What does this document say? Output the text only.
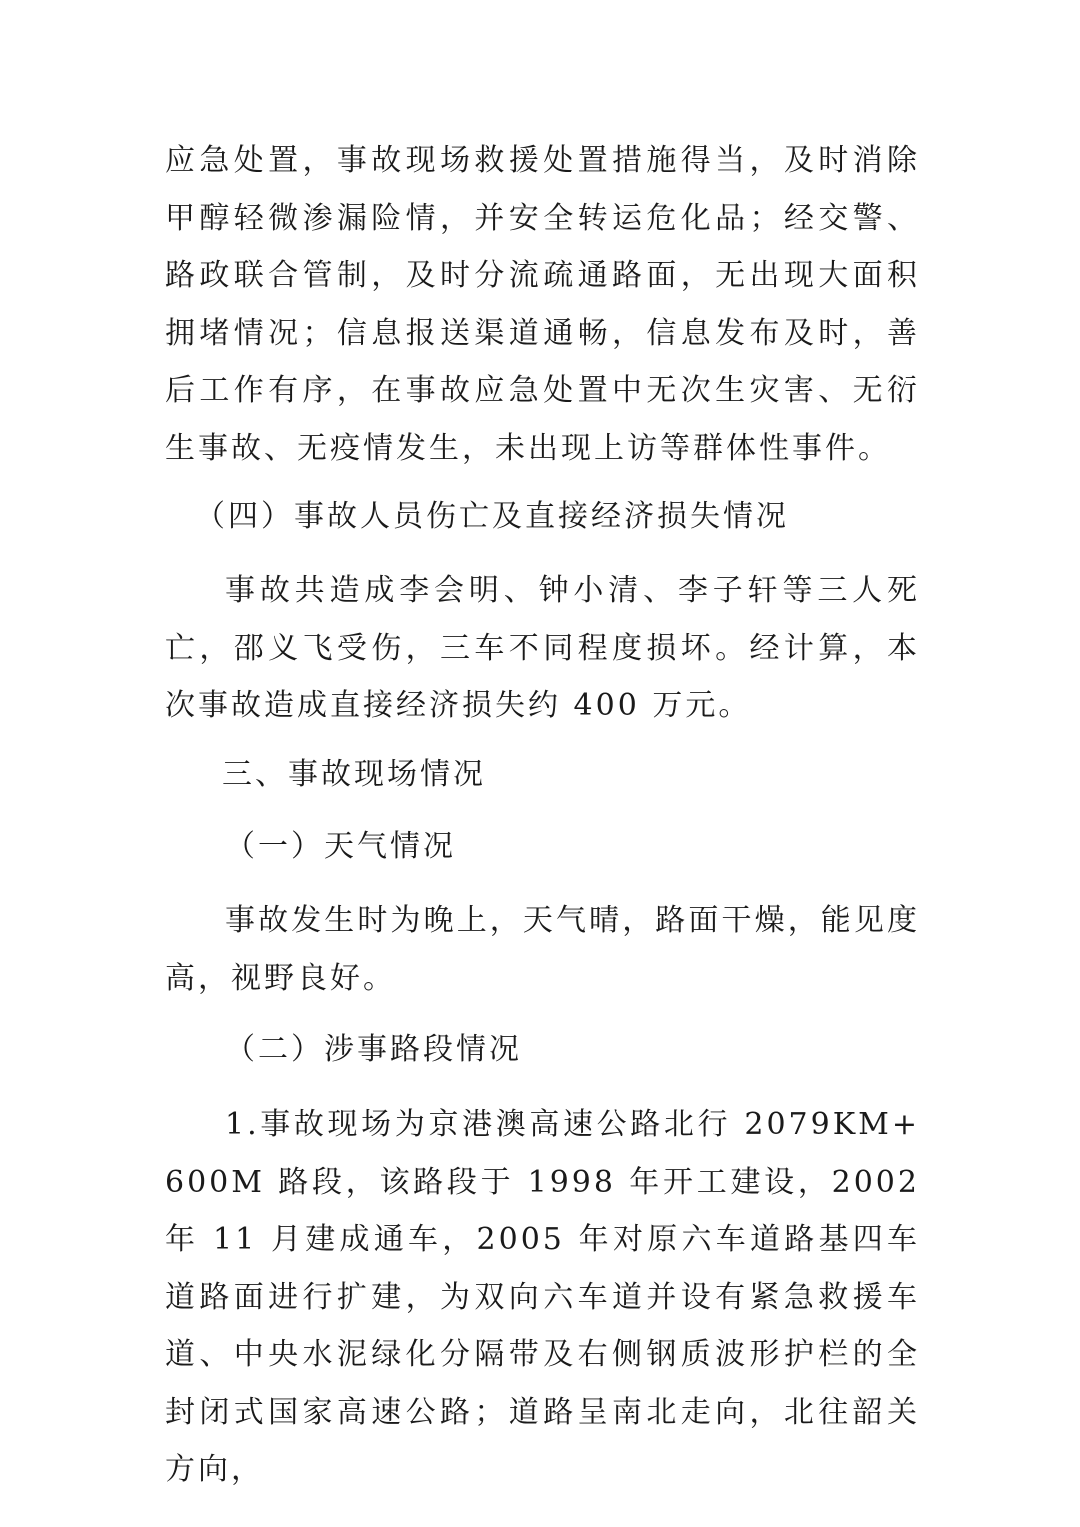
应急处置，事故现场救援处置措施得当，及时消除甲醇轻微渗漏险情，并安全转运危化品；经交警、路政联合管制，及时分流疏通路面，无出现大面积拥堵情况；信息报送渠道通畅，信息发布及时，善后工作有序，在事故应急处置中无次生灾害、无衍生事故、无疫情发生，未出现上访等群体性事件。

（四）事故人员伤亡及直接经济损失情况

事故共造成李会明、钟小清、李子轩等三人死亡，邵义飞受伤，三车不同程度损坏。经计算，本次事故造成直接经济损失约 400 万元。

三、事故现场情况

（一）天气情况

事故发生时为晚上，天气晴，路面干燥，能见度高，视野良好。

（二）涉事路段情况

1.事故现场为京港澳高速公路北行 2079KM+600M 路段，该路段于 1998 年开工建设，2002 年 11 月建成通车，2005 年对原六车道路基四车道路面进行扩建，为双向六车道并设有紧急救援车道、中央水泥绿化分隔带及右侧钢质波形护栏的全封闭式国家高速公路；道路呈南北走向，北往韶关方向，
